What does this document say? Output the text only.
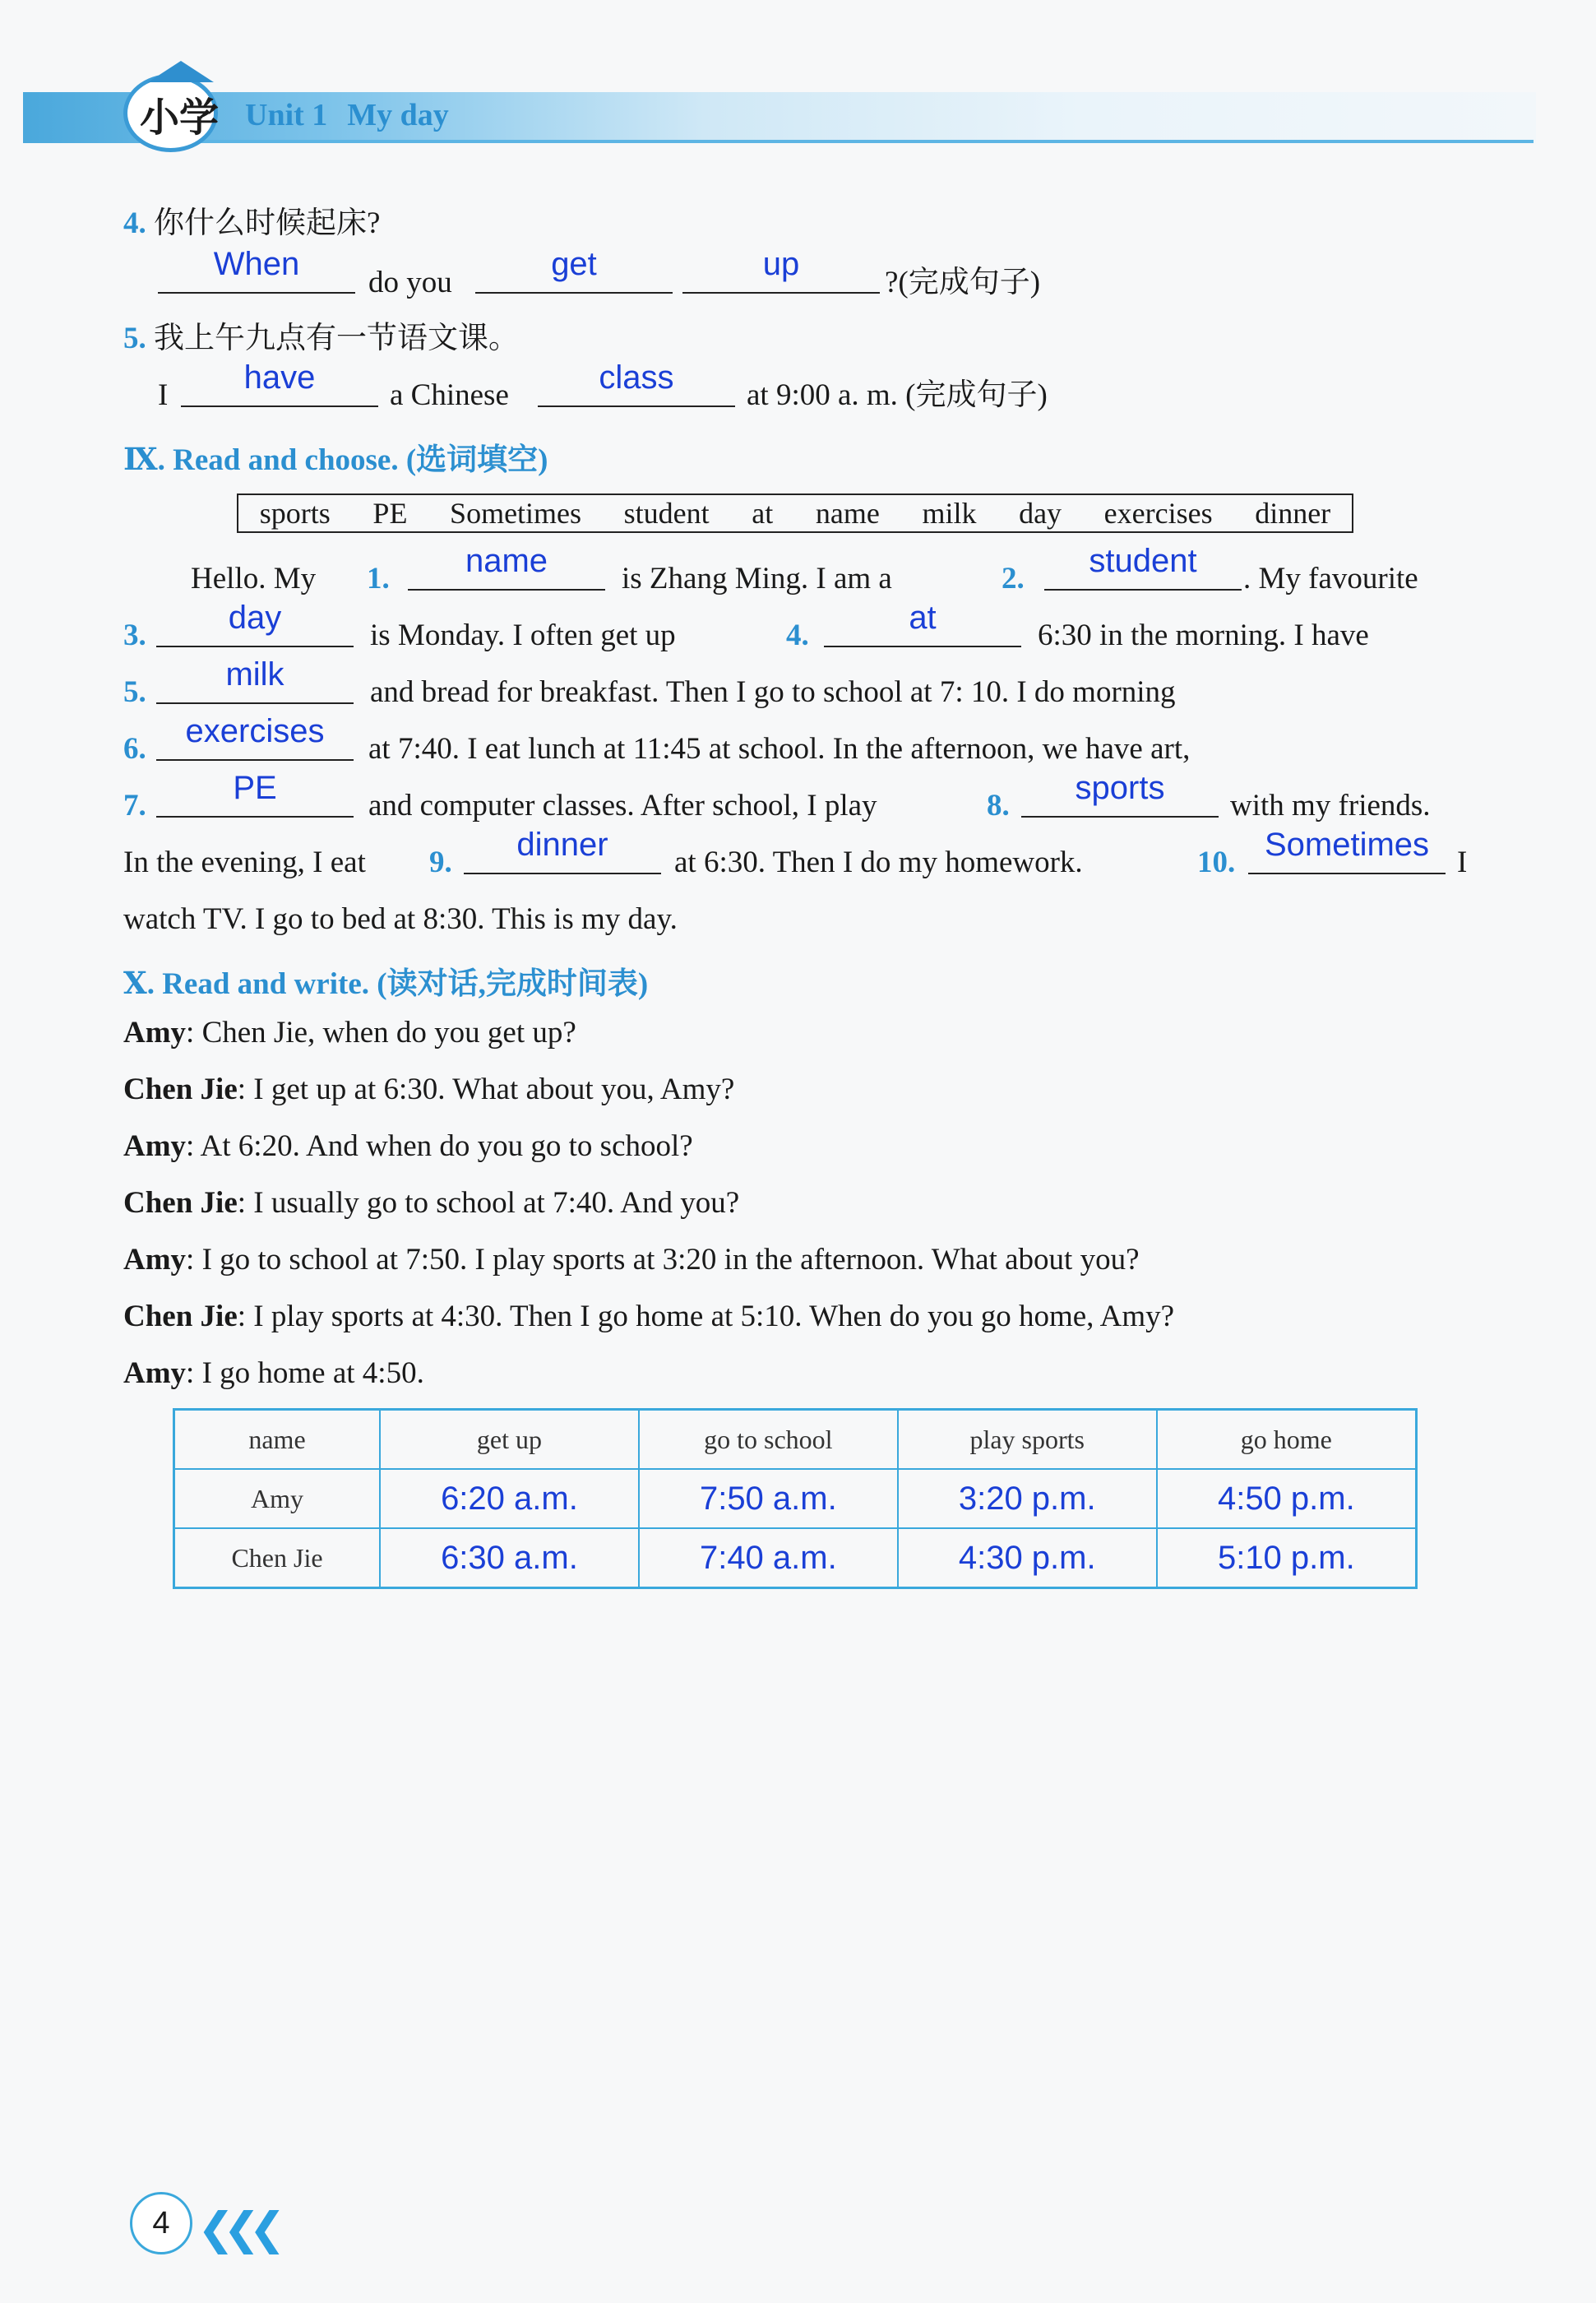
小学 Unit 1 My day
4. 你什么时候起床?
When
do you
get	up
?(完成句子)
5. 我上午九点有一节语文课。
I have a Chinese	class at 9:00 a. m. (完成句子)
Ⅸ. Read and choose. (选词填空)
sports PE Sometimes student at name milk day exercises dinner
Hello. My 1. name is Zhang Ming. I am a	2. student . My favourite
3.	day	is Monday. I often get up	4.	at	6:30 in the morning. I have
5. milk	and bread for breakfast. Then I go to school at 7: 10. I do morning
6. exercises at 7:40. I eat lunch at 11:45 at school. In the afternoon, we have art,
7.	PE	and computer classes. After school, I play	8. sports with my friends.
In the evening, I eat 9. dinner at 6:30. Then I do my homework.	10. Sometimes I
watch TV. I go to bed at 8:30. This is my day.
Ⅹ. Read and write. (读对话,完成时间表)
Amy: Chen Jie, when do you get up?
Chen Jie: I get up at 6:30. What about you, Amy?
Amy: At 6:20. And when do you go to school?
Chen Jie: I usually go to school at 7:40. And you?
Amy: I go to school at 7:50. I play sports at 3:20 in the afternoon. What about you?
Chen Jie: I play sports at 4:30. Then I go home at 5:10. When do you go home, Amy?
Amy: I go home at 4:50.
name	get up	go to school	play sports	go home
Amy	6:20 a.m.	7:50 a.m.	3:20 p.m.	4:50 p.m.
Chen Jie	6:30 a.m.	7:40 a.m.	4:30 p.m.	5:10 p.m.
4 ❮❮❮
